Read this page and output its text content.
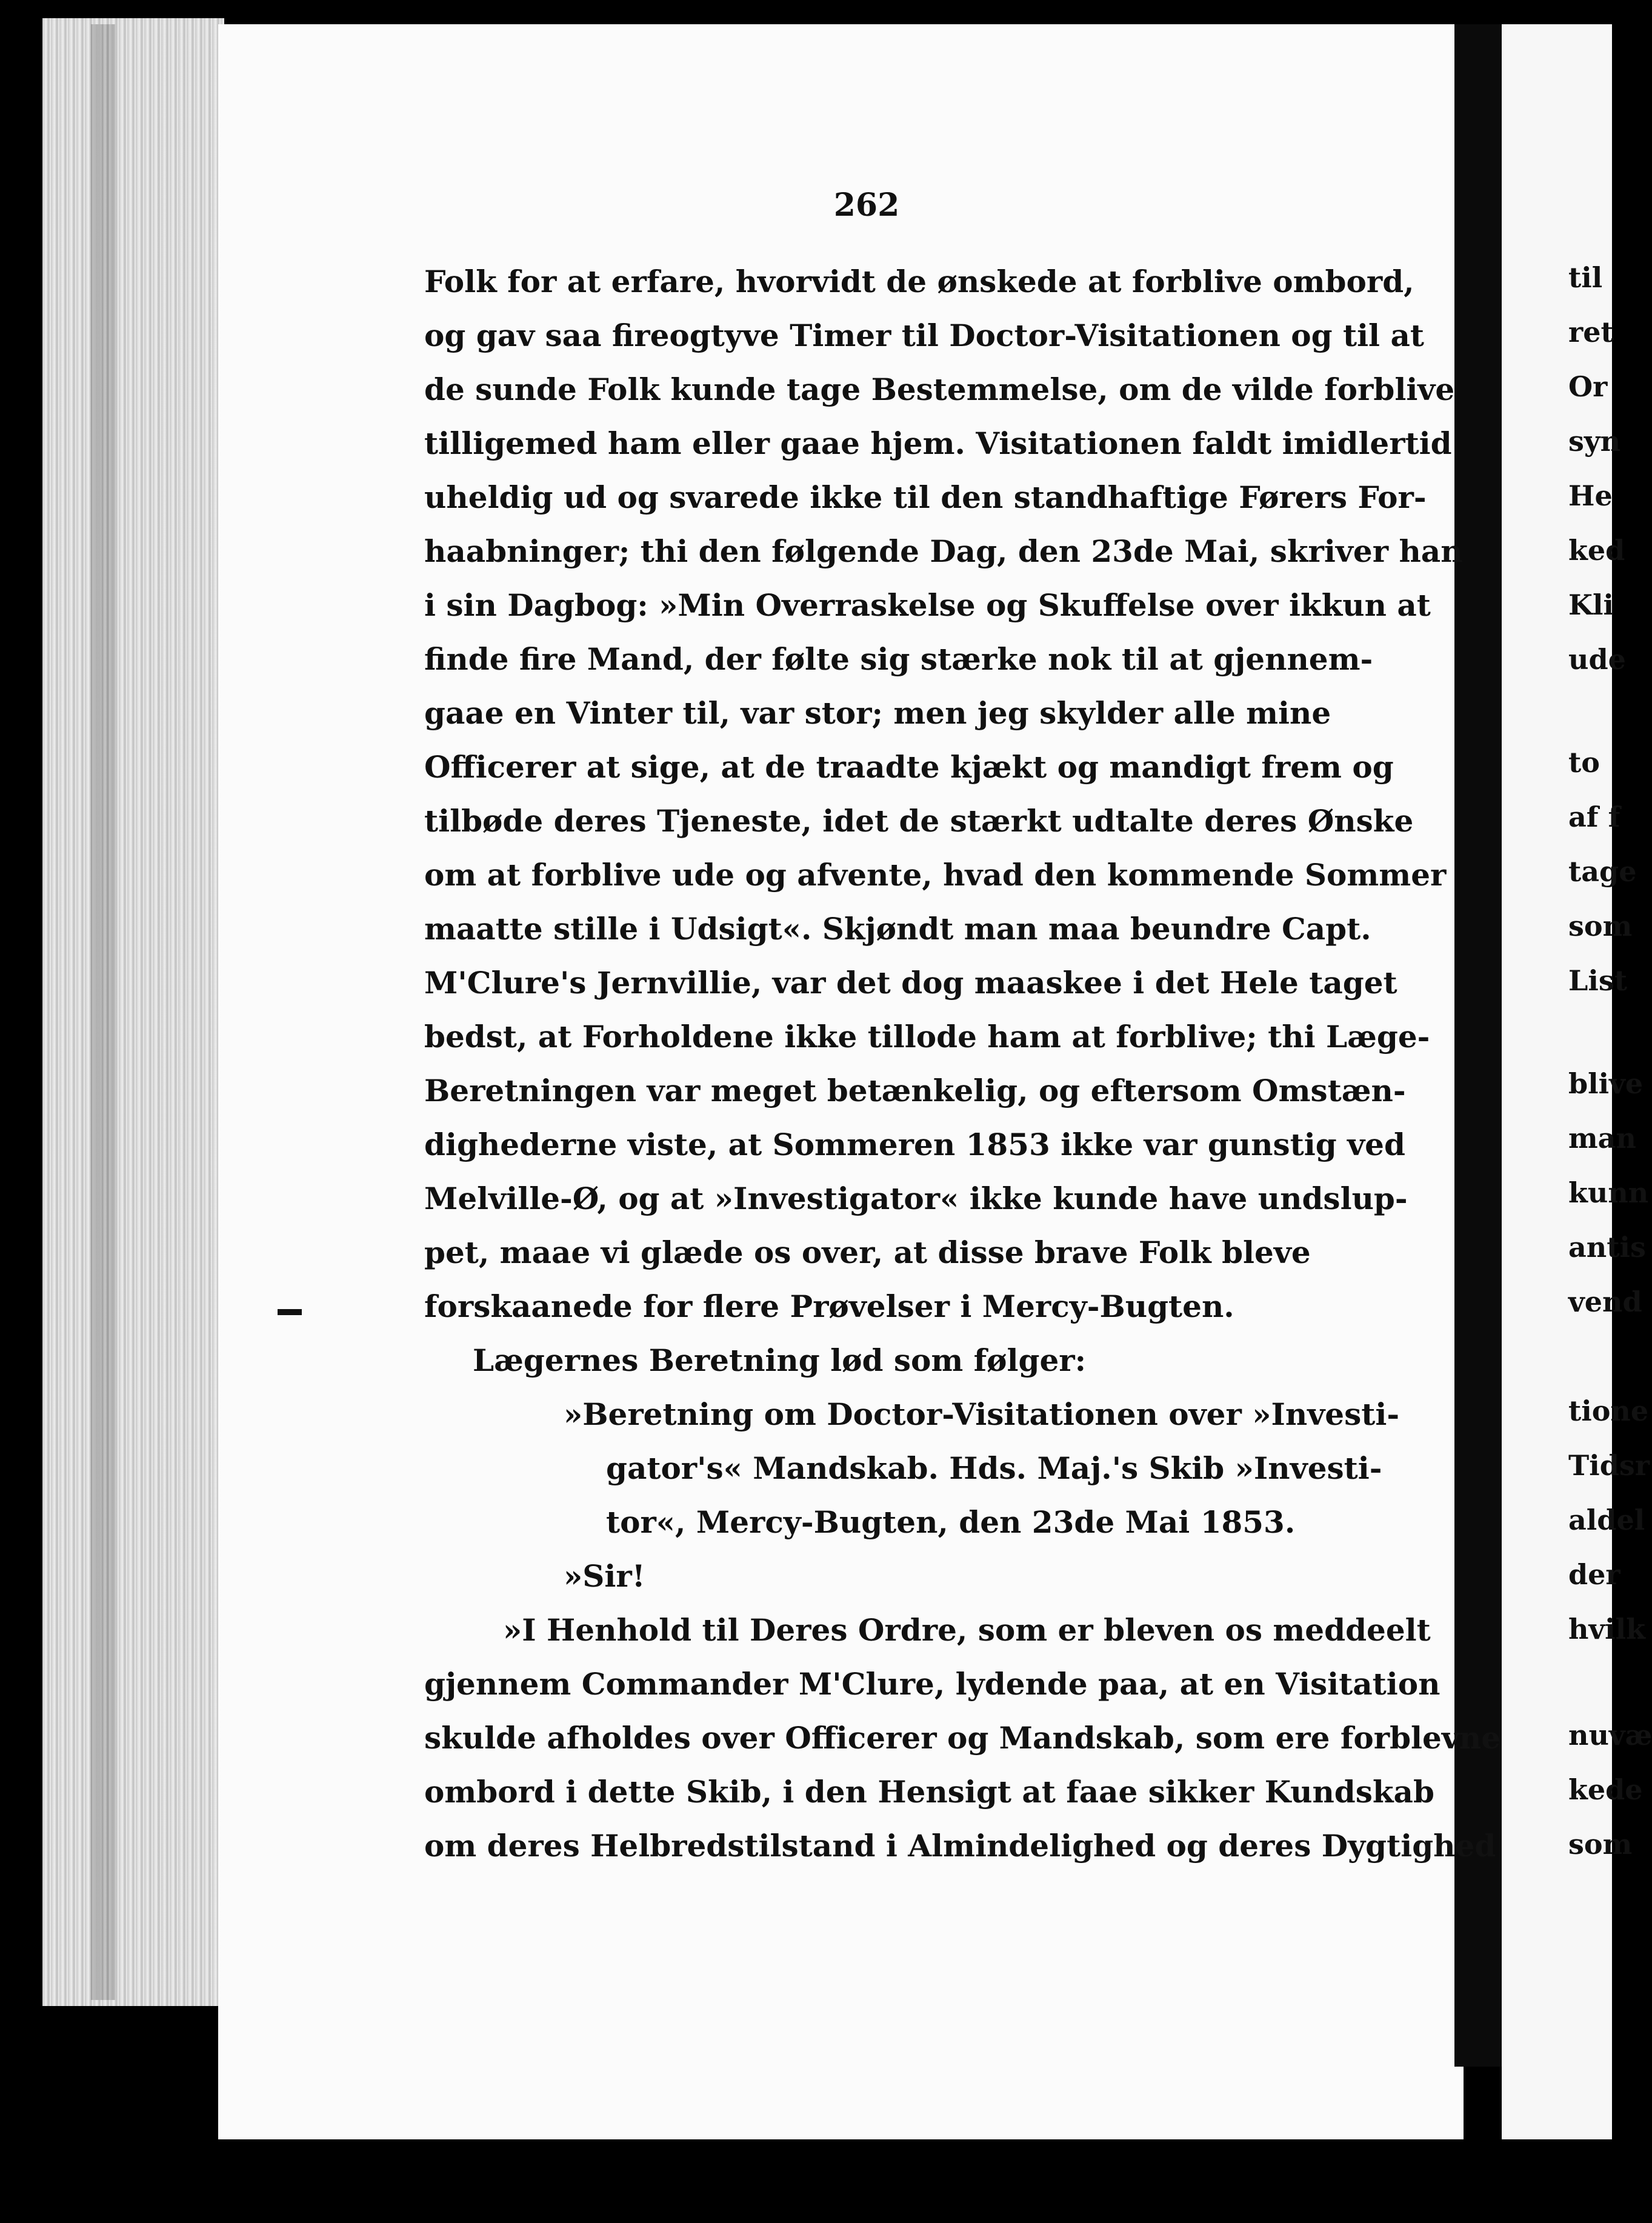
til
ret
Or
syn
He
ked
Kli
ude
to
af f
tage
som
List
blive
man
kunn
antis
vend
tione
Tidsr
aldel
der
hvilk
nuvæ
kede
som
262
Folk for at erfare, hvorvidt de ønskede at forblive ombord,
og gav saa fireogtyve Timer til Doctor-Visitationen og til at
de sunde Folk kunde tage Bestemmelse, om de vilde forblive
tilligemed ham eller gaae hjem. Visitationen faldt imidlertid
uheldig ud og svarede ikke til den standhaftige Førers For-
haabninger; thi den følgende Dag, den 23de Mai, skriver han
i sin Dagbog: »Min Overraskelse og Skuffelse over ikkun at
finde fire Mand, der følte sig stærke nok til at gjennem-
gaae en Vinter til, var stor; men jeg skylder alle mine
Officerer at sige, at de traadte kjækt og mandigt frem og
tilbøde deres Tjeneste, idet de stærkt udtalte deres Ønske
om at forblive ude og afvente, hvad den kommende Sommer
maatte stille i Udsigt«. Skjøndt man maa beundre Capt.
M'Clure's Jernvillie, var det dog maaskee i det Hele taget
bedst, at Forholdene ikke tillode ham at forblive; thi Læge-
Beretningen var meget betænkelig, og eftersom Omstæn-
dighederne viste, at Sommeren 1853 ikke var gunstig ved
Melville-Ø, og at »Investigator« ikke kunde have undslup-
pet, maae vi glæde os over, at disse brave Folk bleve
forskaanede for flere Prøvelser i Mercy-Bugten.
Lægernes Beretning lød som følger:
»Beretning om Doctor-Visitationen over »Investi-
gator's« Mandskab. Hds. Maj.'s Skib »Investi-
tor«, Mercy-Bugten, den 23de Mai 1853.
»Sir!
»I Henhold til Deres Ordre, som er bleven os meddeelt
gjennem Commander M'Clure, lydende paa, at en Visitation
skulde afholdes over Officerer og Mandskab, som ere forblevne
ombord i dette Skib, i den Hensigt at faae sikker Kundskab
om deres Helbredstilstand i Almindelighed og deres Dygtighed
